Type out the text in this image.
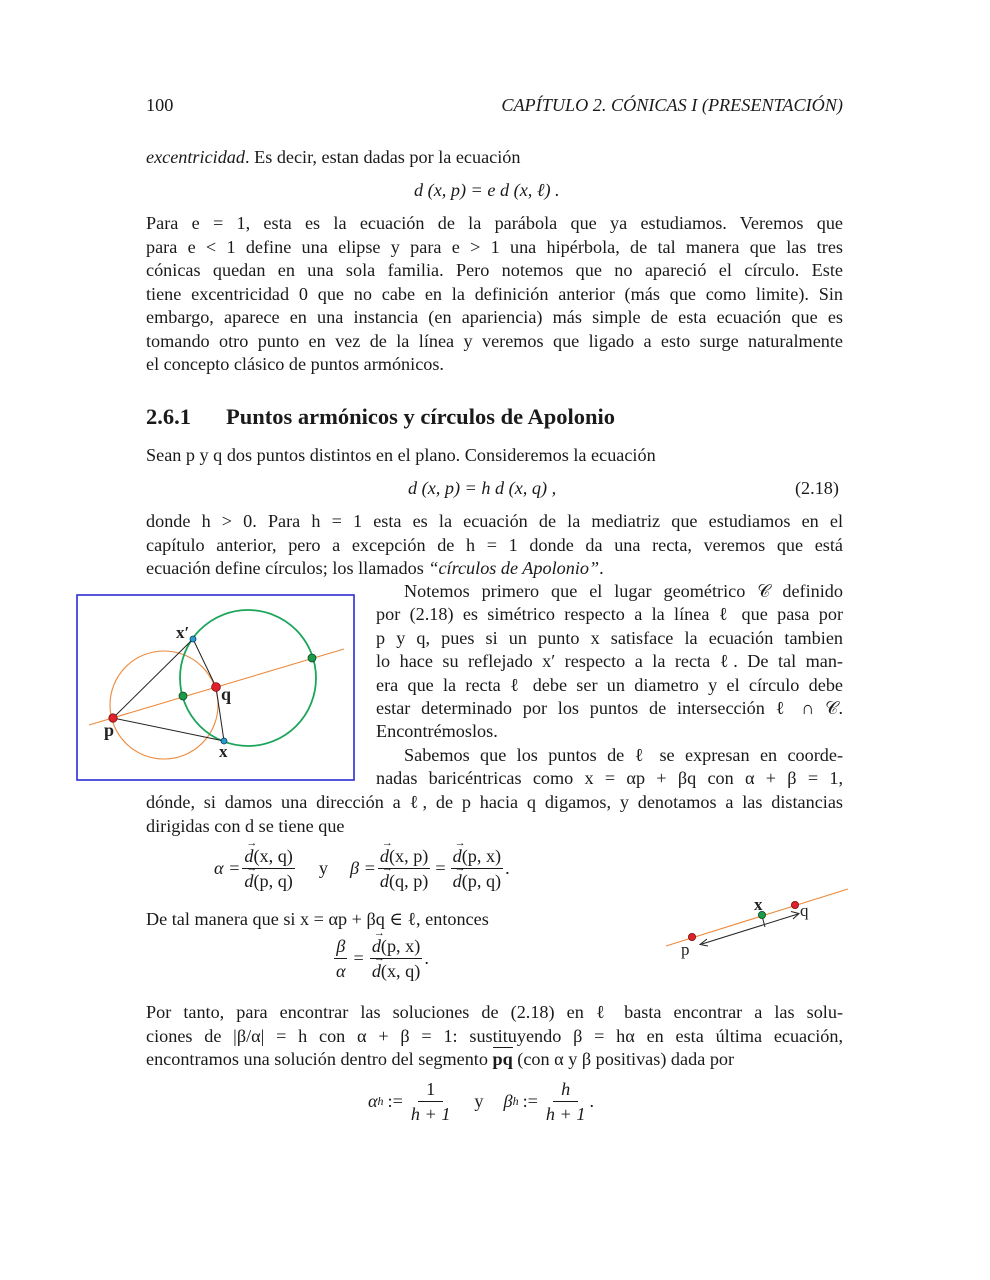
100	CAPÍTULO 2. CÓNICAS I (PRESENTACIÓN)
excentricidad. Es decir, estan dadas por la ecuación
d (x, p) = e d (x, ℓ) .
Para e = 1, esta es la ecuación de la parábola que ya estudiamos. Veremos que
para e < 1 define una elipse y para e > 1 una hipérbola, de tal manera que las tres
cónicas quedan en una sola familia. Pero notemos que no apareció el círculo. Este
tiene excentricidad 0 que no cabe en la definición anterior (más que como limite). Sin
embargo, aparece en una instancia (en apariencia) más simple de esta ecuación que es
tomando otro punto en vez de la línea y veremos que ligado a esto surge naturalmente
el concepto clásico de puntos armónicos.
2.6.1 Puntos armónicos y círculos de Apolonio
Sean p y q dos puntos distintos en el plano. Consideremos la ecuación
d (x, p) = h d (x, q) ,	(2.18)
donde h > 0. Para h = 1 esta es la ecuación de la mediatriz que estudiamos en el
capítulo anterior, pero a excepción de h = 1 donde da una recta, veremos que está
ecuación define círculos; los llamados “círculos de Apolonio”.
x′
q
p
x
Notemos primero que el lugar geométrico 𝒞 definido
por (2.18) es simétrico respecto a la línea ℓ que pasa por
p y q, pues si un punto x satisface la ecuación tambien
lo hace su reflejado x′ respecto a la recta ℓ. De tal man-
era que la recta ℓ debe ser un diametro y el círculo debe
estar determinado por los puntos de intersección ℓ ∩ 𝒞.
Encontrémoslos.
Sabemos que los puntos de ℓ se expresan en coorde-
nadas baricéntricas como x = αp + βq con α + β = 1,
dónde, si damos una dirección a ℓ, de p hacia q digamos, y denotamos a las distancias
dirigidas con d se tiene que
α = → d(x, q)
→ d(p, q) y β = → d(x, p)
→ d(q, p) = → d(p, x)
→ d(p, q) .
De tal manera que si x = αp + βq ∈ ℓ, entonces
$\frac{\beta}{\alpha}$ = → d(p, x)
→ d(x, q) .
x q
p
Por tanto, para encontrar las soluciones de (2.18) en ℓ basta encontrar a las solu-
ciones de |β/α| = h con α + β = 1: sustituyendo β = hα en esta última ecuación,
encontramos una solución dentro del segmento pq (con α y β positivas) dada por
α h := $\frac{1}{h + 1}$ y β h := $\frac{h}{h + 1}$ .
